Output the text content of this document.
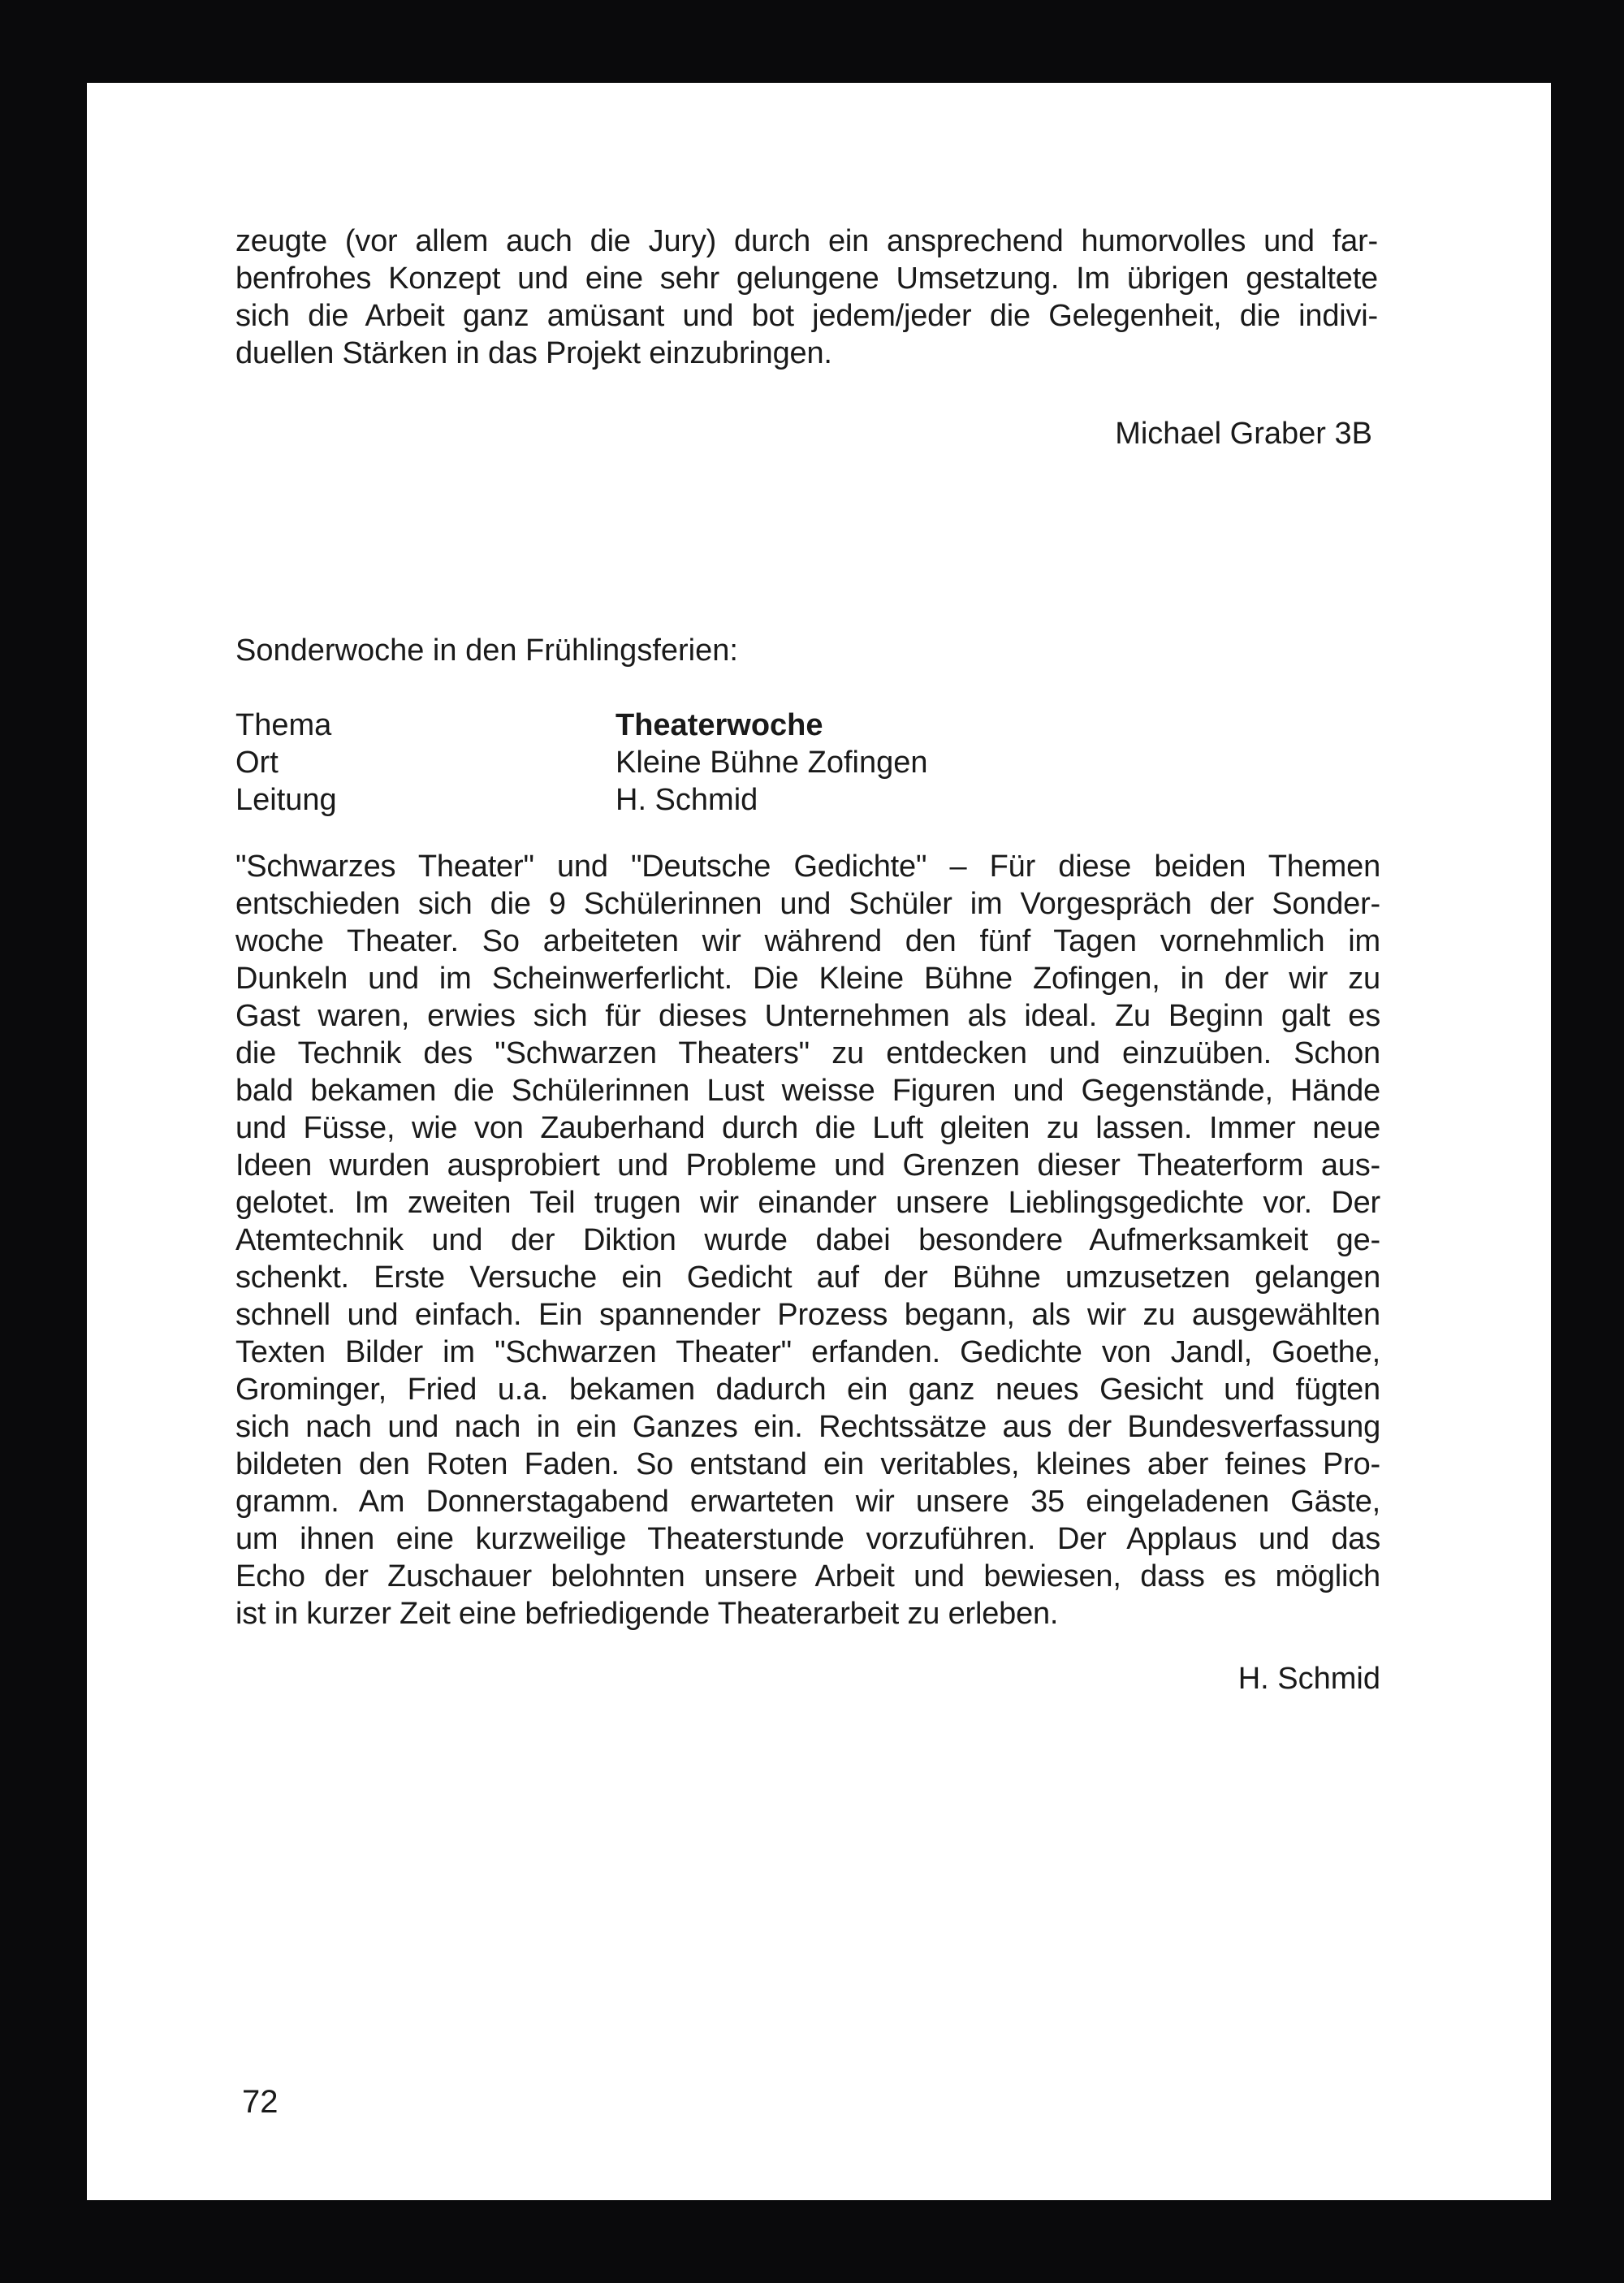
zeugte (vor allem auch die Jury) durch ein ansprechend humorvolles und far-
benfrohes Konzept und eine sehr gelungene Umsetzung. Im übrigen gestaltete
sich die Arbeit ganz amüsant und bot jedem/jeder die Gelegenheit, die indivi-
duellen Stärken in das Projekt einzubringen.

Michael Graber 3B

Sonderwoche in den Frühlingsferien:

Thema	Theaterwoche
Ort	Kleine Bühne Zofingen
Leitung	H. Schmid

"Schwarzes Theater" und "Deutsche Gedichte" – Für diese beiden Themen
entschieden sich die 9 Schülerinnen und Schüler im Vorgespräch der Sonder-
woche Theater. So arbeiteten wir während den fünf Tagen vornehmlich im
Dunkeln und im Scheinwerferlicht. Die Kleine Bühne Zofingen, in der wir zu
Gast waren, erwies sich für dieses Unternehmen als ideal. Zu Beginn galt es
die Technik des "Schwarzen Theaters" zu entdecken und einzuüben. Schon
bald bekamen die Schülerinnen Lust weisse Figuren und Gegenstände, Hände
und Füsse, wie von Zauberhand durch die Luft gleiten zu lassen. Immer neue
Ideen wurden ausprobiert und Probleme und Grenzen dieser Theaterform aus-
gelotet. Im zweiten Teil trugen wir einander unsere Lieblingsgedichte vor. Der
Atemtechnik und der Diktion wurde dabei besondere Aufmerksamkeit ge-
schenkt. Erste Versuche ein Gedicht auf der Bühne umzusetzen gelangen
schnell und einfach. Ein spannender Prozess begann, als wir zu ausgewählten
Texten Bilder im "Schwarzen Theater" erfanden. Gedichte von Jandl, Goethe,
Grominger, Fried u.a. bekamen dadurch ein ganz neues Gesicht und fügten
sich nach und nach in ein Ganzes ein. Rechtssätze aus der Bundesverfassung
bildeten den Roten Faden. So entstand ein veritables, kleines aber feines Pro-
gramm. Am Donnerstagabend erwarteten wir unsere 35 eingeladenen Gäste,
um ihnen eine kurzweilige Theaterstunde vorzuführen. Der Applaus und das
Echo der Zuschauer belohnten unsere Arbeit und bewiesen, dass es möglich
ist in kurzer Zeit eine befriedigende Theaterarbeit zu erleben.

H. Schmid

72
